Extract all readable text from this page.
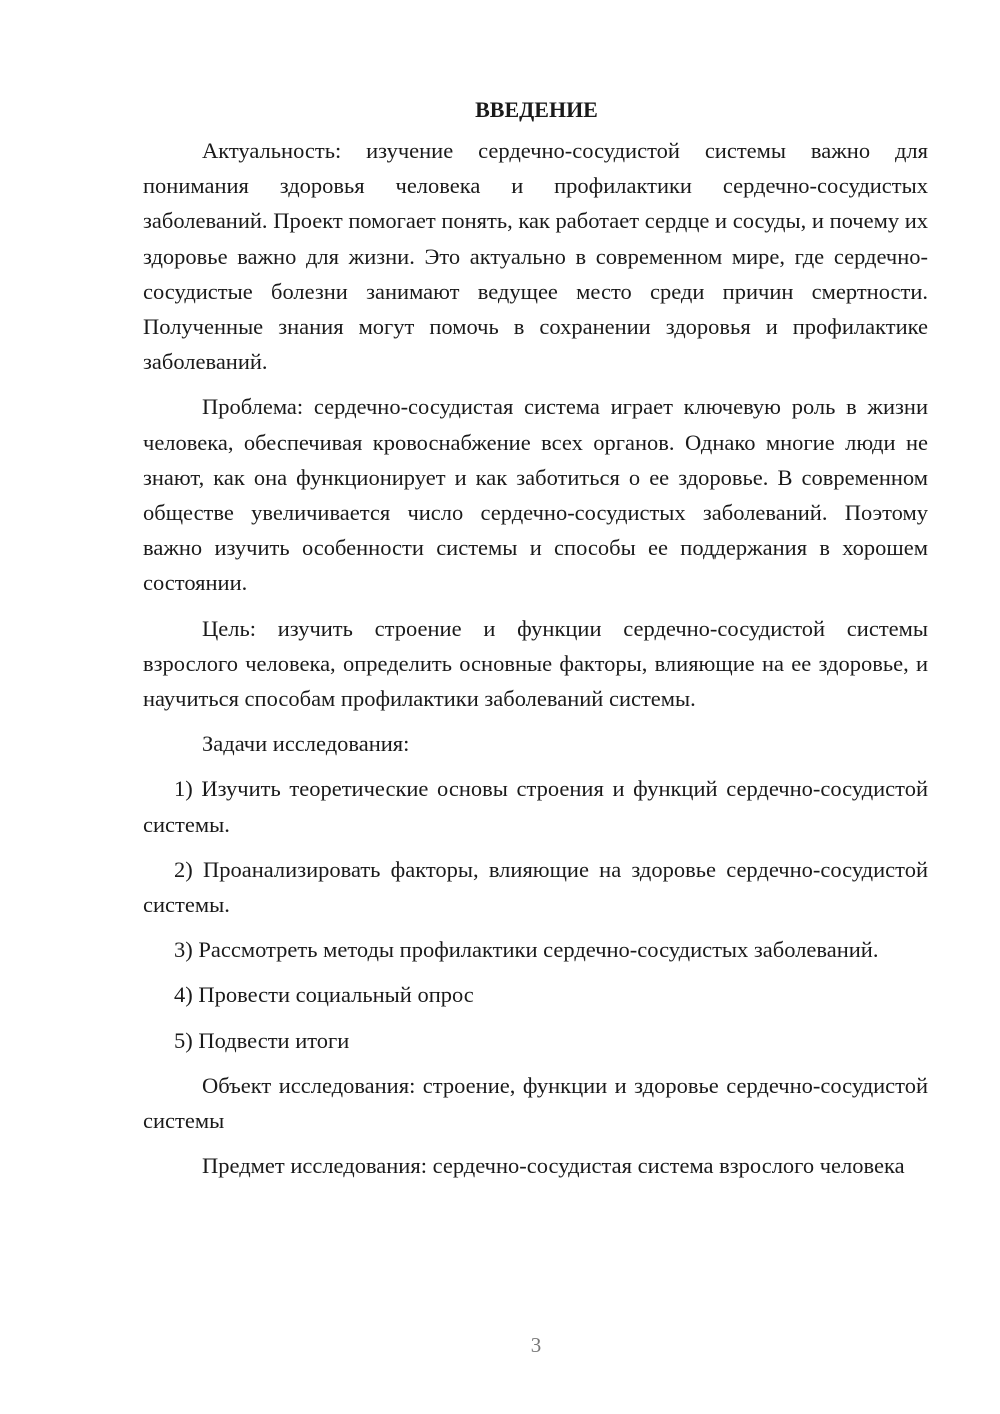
ВВЕДЕНИЕ

Актуальность: изучение сердечно-сосудистой системы важно для понимания здоровья человека и профилактики сердечно-сосудистых заболеваний. Проект помогает понять, как работает сердце и сосуды, и почему их здоровье важно для жизни. Это актуально в современном мире, где сердечно-сосудистые болезни занимают ведущее место среди причин смертности. Полученные знания могут помочь в сохранении здоровья и профилактике заболеваний.

Проблема: сердечно-сосудистая система играет ключевую роль в жизни человека, обеспечивая кровоснабжение всех органов. Однако многие люди не знают, как она функционирует и как заботиться о ее здоровье. В современном обществе увеличивается число сердечно-сосудистых заболеваний. Поэтому важно изучить особенности системы и способы ее поддержания в хорошем состоянии.

Цель: изучить строение и функции сердечно-сосудистой системы взрослого человека, определить основные факторы, влияющие на ее здоровье, и научиться способам профилактики заболеваний системы.

Задачи исследования:

1) Изучить теоретические основы строения и функций сердечно-сосудистой системы.

2) Проанализировать факторы, влияющие на здоровье сердечно-сосудистой системы.

3) Рассмотреть методы профилактики сердечно-сосудистых заболеваний.

4) Провести социальный опрос

5) Подвести итоги

Объект исследования: строение, функции и здоровье сердечно-сосудистой системы

Предмет исследования: сердечно-сосудистая система взрослого человека

3
